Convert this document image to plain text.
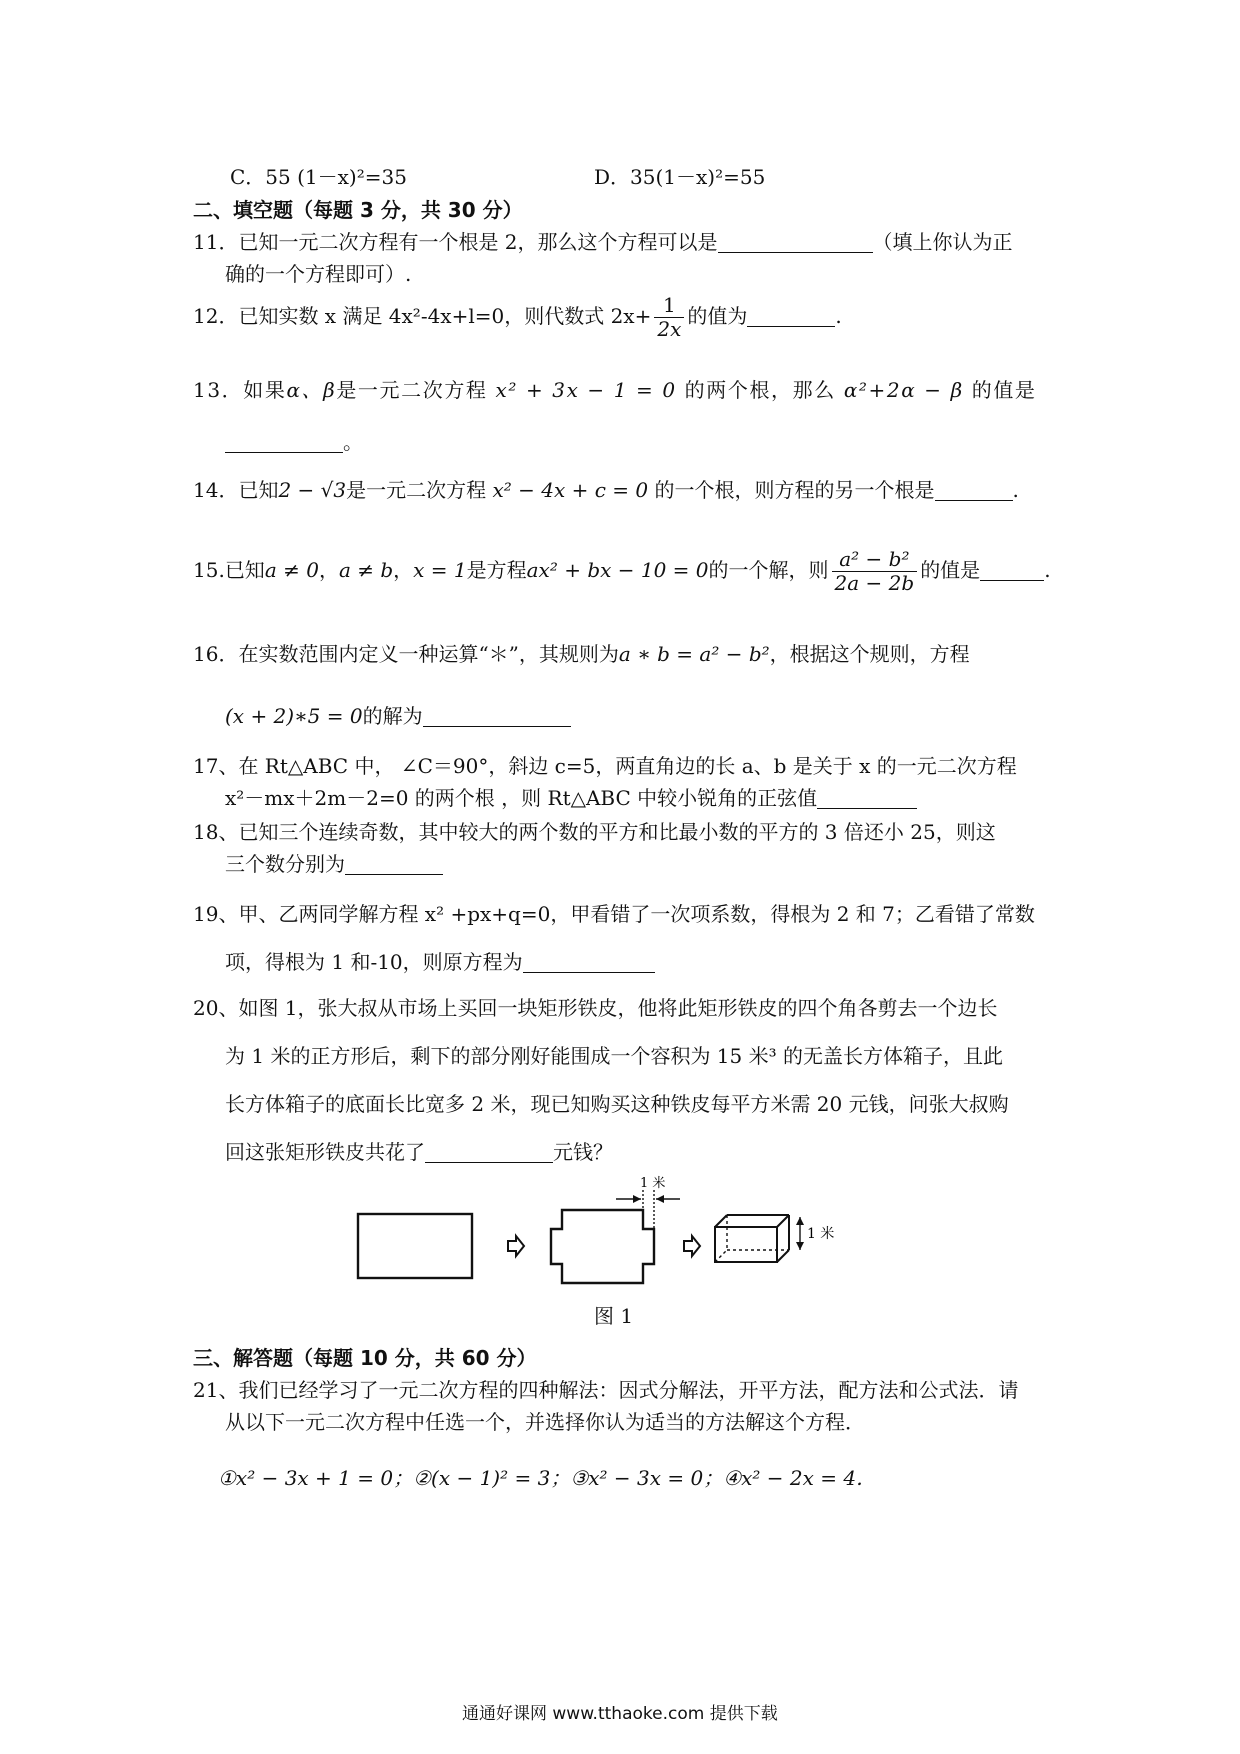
C．55 (1－x)²=35	D．35(1－x)²=55
二、填空题（每题 3 分，共 30 分）
11．已知一元二次方程有一个根是 2，那么这个方程可以是	（填上你认为正
确的一个方程即可）.
12．已知实数 x 满足 4x²-4x+l=0，则代数式 $2x+ \frac{1}{2x}$ 的值为	.
13．如果α、β是一元二次方程 x² + 3x − 1 = 0 的两个根，那么 α²+2α − β 的值是
。
14．已知2 − √3是一元二次方程 x² − 4x + c = 0 的一个根，则方程的另一个根是	.
15.已知a ≠ 0，a ≠ b，x = 1是方程ax² + bx − 10 = 0的一个解，则 $\frac{\text{a² − b²}}{2a - 2b}$ 的值是	.
16．在实数范围内定义一种运算“＊”，其规则为a ∗ b = a² − b²，根据这个规则，方程
(x + 2)∗5 = 0的解为
17、在 Rt△ABC 中， ∠C＝90°，斜边 c=5，两直角边的长 a、b 是关于 x 的一元二次方程
x²－mx＋2m－2=0 的两个根 ，则 Rt△ABC 中较小锐角的正弦值
18、已知三个连续奇数，其中较大的两个数的平方和比最小数的平方的 3 倍还小 25，则这
三个数分别为
19、甲、乙两同学解方程 x² +px+q=0，甲看错了一次项系数，得根为 2 和 7；乙看错了常数
项，得根为 1 和-10，则原方程为
20、如图 1，张大叔从市场上买回一块矩形铁皮，他将此矩形铁皮的四个角各剪去一个边长
为 1 米的正方形后，剩下的部分刚好能围成一个容积为 15 米³ 的无盖长方体箱子，且此
长方体箱子的底面长比宽多 2 米，现已知购买这种铁皮每平方米需 20 元钱，问张大叔购
回这张矩形铁皮共花了	元钱？
1 米
1 米
图 1
三、解答题（每题 10 分，共 60 分）
21、我们已经学习了一元二次方程的四种解法：因式分解法，开平方法，配方法和公式法．请
从以下一元二次方程中任选一个，并选择你认为适当的方法解这个方程．
①x² − 3x + 1 = 0；②(x − 1)² = 3；③x² − 3x = 0；④x² − 2x = 4．
通通好课网 www.tthaoke.com 提供下载
